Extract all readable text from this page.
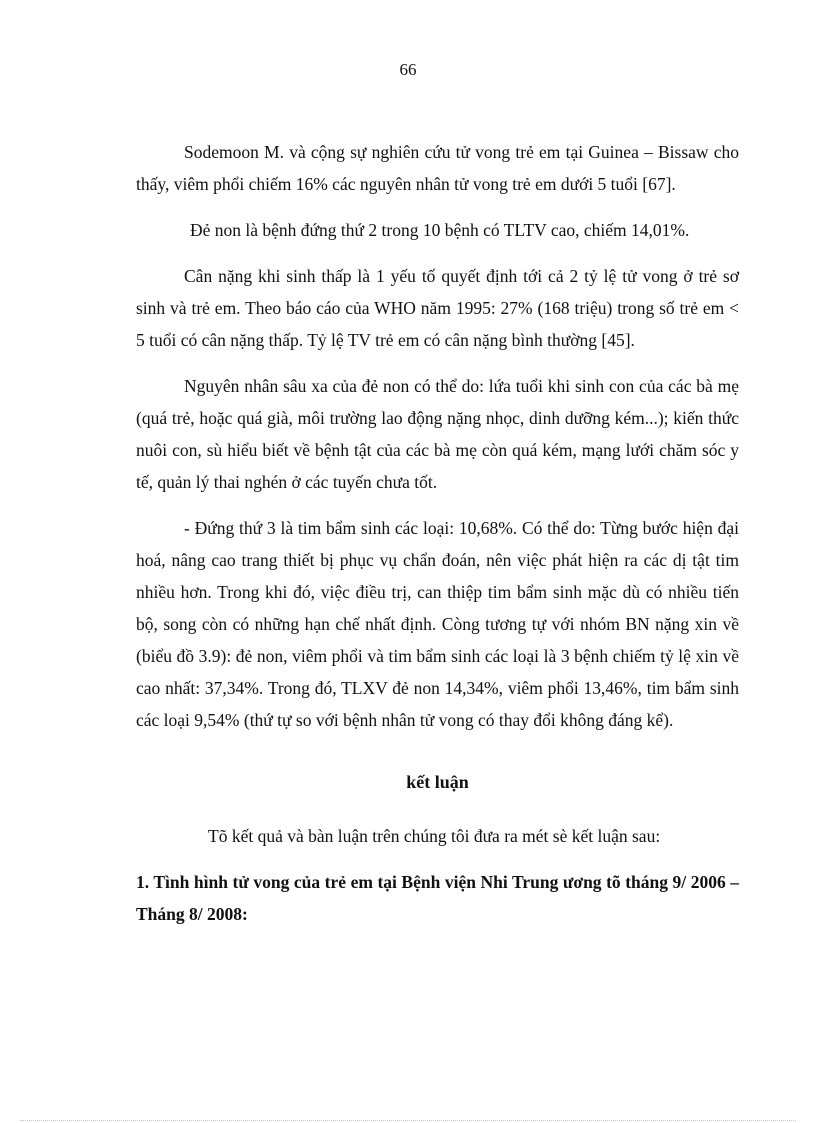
66

Sodemoon M. và cộng sự nghiên cứu tử vong trẻ em tại Guinea – Bissaw cho thấy, viêm phổi chiếm 16% các nguyên nhân tử vong trẻ em dưới 5 tuổi [67].

Đẻ non là bệnh đứng thứ 2 trong 10 bệnh có TLTV cao, chiếm 14,01%.

Cân nặng khi sinh thấp là 1 yếu tố quyết định tới cả 2 tỷ lệ tử vong ở trẻ sơ sinh và trẻ em. Theo báo cáo của WHO năm 1995: 27% (168 triệu) trong số trẻ em < 5 tuổi có cân nặng thấp. Tỷ lệ TV trẻ em có cân nặng bình thường [45].

Nguyên nhân sâu xa của đẻ non có thể do: lứa tuổi khi sinh con của các bà mẹ (quá trẻ, hoặc quá già, môi trường lao động nặng nhọc, dinh dưỡng kém...); kiến thức nuôi con, sù hiểu biết về bệnh tật của các bà mẹ còn quá kém, mạng lưới chăm sóc y tế, quản lý thai nghén ở các tuyến chưa tốt.

- Đứng thứ 3 là tim bẩm sinh các loại: 10,68%. Có thể do: Từng bước hiện đại hoá, nâng cao trang thiết bị phục vụ chẩn đoán, nên việc phát hiện ra các dị tật tim nhiều hơn. Trong khi đó, việc điều trị, can thiệp tim bẩm sinh mặc dù có nhiều tiến bộ, song còn có những hạn chế nhất định. Còng tương tự với nhóm BN nặng xin về (biểu đồ 3.9): đẻ non, viêm phổi và tim bẩm sinh các loại là 3 bệnh chiếm tỷ lệ xin về cao nhất: 37,34%. Trong đó, TLXV đẻ non 14,34%, viêm phổi 13,46%, tim bẩm sinh các loại 9,54% (thứ tự so với bệnh nhân tử vong có thay đổi không đáng kể).

kết luận

Tõ kết quả và bàn luận trên chúng tôi đưa ra mét sè kết luận sau:

1. Tình hình tử vong của trẻ em tại Bệnh viện Nhi Trung ương tõ tháng 9/ 2006 – Tháng 8/ 2008:
